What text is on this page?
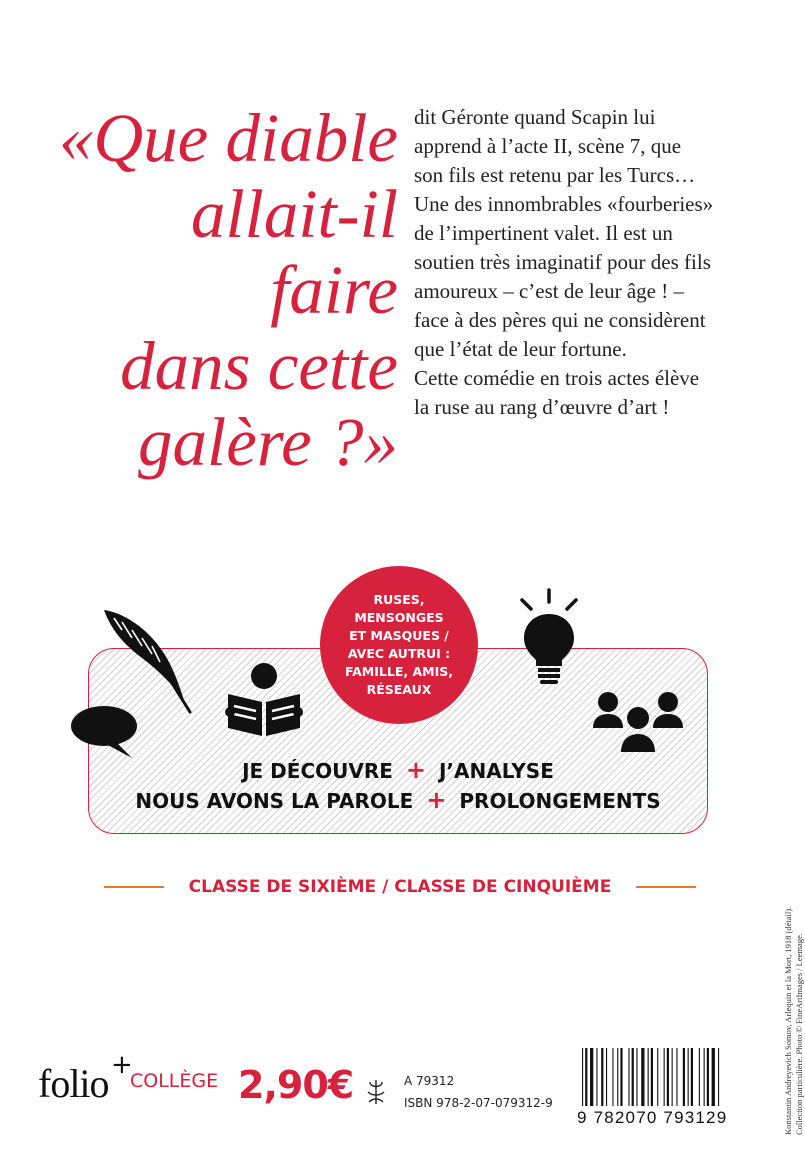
«Que diable
allait-il
faire
dans cette
galère ?»
dit Géronte quand Scapin lui
apprend à l’acte II, scène 7, que
son fils est retenu par les Turcs…
Une des innombrables «fourberies»
de l’impertinent valet. Il est un
soutien très imaginatif pour des fils
amoureux – c’est de leur âge ! –
face à des pères qui ne considèrent
que l’état de leur fortune.
Cette comédie en trois actes élève
la ruse au rang d’œuvre d’art !
RUSES,
MENSONGES
ET MASQUES /
AVEC AUTRUI :
FAMILLE, AMIS,
RÉSEAUX
JE DÉCOUVRE + J’ANALYSE
NOUS AVONS LA PAROLE + PROLONGEMENTS
CLASSE DE SIXIÈME / CLASSE DE CINQUIÈME
folio +
COLLÈGE 2,90€	A 79312
ISBN 978-2-07-079312-9
9 782070 793129	Konstantin Andreyevich Somov, Arlequin et la Mort, 1918 (détail). Collection particulière. Photo © FineArtImages / Leemage.
